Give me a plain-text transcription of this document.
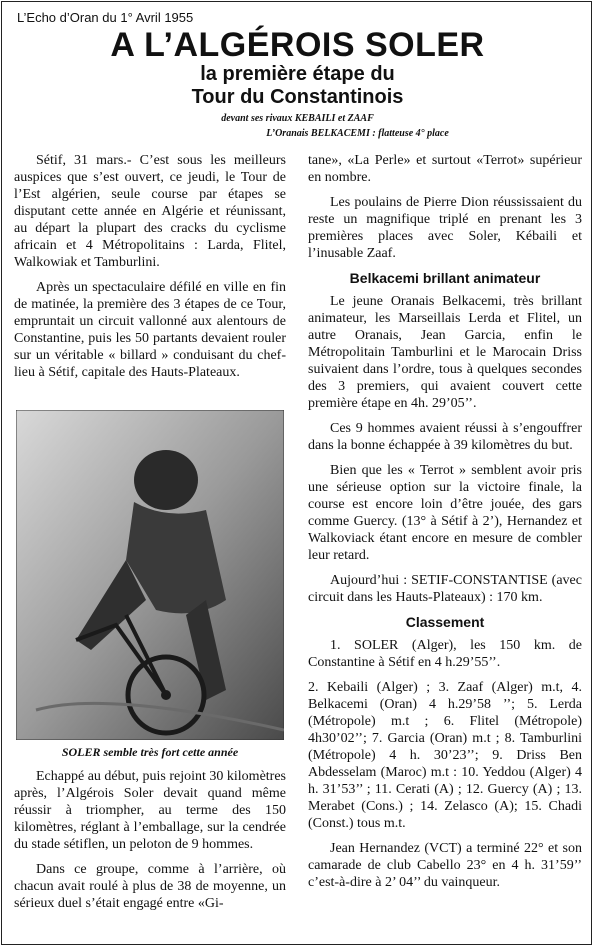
L’Echo d’Oran du 1° Avril 1955
A L’ALGÉROIS SOLER
la première étape du
Tour du Constantinois
devant ses rivaux KEBAILI et ZAAF
L’Oranais BELKACEMI : flatteuse 4° place

Sétif, 31 mars.- C’est sous les meilleurs auspices que s’est ouvert, ce jeudi, le Tour de l’Est algérien, seule course par étapes se disputant cette année en Algérie et réunissant, au départ la plupart des cracks du cyclisme africain et 4 Métropolitains : Larda, Flitel, Walkowiak et Tamburlini.

Après un spectaculaire défilé en ville en fin de matinée, la première des 3 étapes de ce Tour, empruntait un circuit vallonné aux alentours de Constantine, puis les 50 partants devaient rouler sur un véritable « billard » conduisant du chef-lieu à Sétif, capitale des Hauts-Plateaux.

SOLER semble très fort cette année

Echappé au début, puis rejoint 30 kilomètres après, l’Algérois Soler devait quand même réussir à triompher, au terme des 150 kilomètres, réglant à l’emballage, sur la cendrée du stade sétiflen, un peloton de 9 hommes.

Dans ce groupe, comme à l’arrière, où chacun avait roulé à plus de 38 de moyenne, un sérieux duel s’était engagé entre «Gi-

tane», «La Perle» et surtout «Terrot» supérieur en nombre.

Les poulains de Pierre Dion réussissaient du reste un magnifique triplé en prenant les 3 premières places avec Soler, Kébaili et l’inusable Zaaf.

Belkacemi brillant animateur

Le jeune Oranais Belkacemi, très brillant animateur, les Marseillais Lerda et Flitel, un autre Oranais, Jean Garcia, enfin le Métropolitain Tamburlini et le Marocain Driss suivaient dans l’ordre, tous à quelques secondes des 3 premiers, qui avaient couvert cette première étape en 4h. 29’05’’.

Ces 9 hommes avaient réussi à s’engouffrer dans la bonne échappée à 39 kilomètres du but.

Bien que les « Terrot » semblent avoir pris une sérieuse option sur la victoire finale, la course est encore loin d’être jouée, des gars comme Guercy. (13° à Sétif à 2’), Hernandez et Walkoviack étant encore en mesure de combler leur retard.

Aujourd’hui : SETIF-CONSTANTISE (avec circuit dans les Hauts-Plateaux) : 170 km.

Classement

1. SOLER (Alger), les 150 km. de Constantine à Sétif en 4 h.29’55’’.

2. Kebaili (Alger) ; 3. Zaaf (Alger) m.t, 4. Belkacemi (Oran) 4 h.29’58 ’’; 5. Lerda (Métropole) m.t ; 6. Flitel (Métropole) 4h30’02’’; 7. Garcia (Oran) m.t ; 8. Tamburlini (Métropole) 4 h. 30’23’’; 9. Driss Ben Abdesselam (Maroc) m.t : 10. Yeddou (Alger) 4 h. 31’53’’ ; 11. Cerati (A) ; 12. Guercy (A) ; 13. Merabet (Cons.) ; 14. Zelasco (A); 15. Chadi (Const.) tous m.t.

Jean Hernandez (VCT) a terminé 22° et son camarade de club Cabello 23° en 4 h. 31’59’’ c’est-à-dire à 2’ 04’’ du vainqueur.
